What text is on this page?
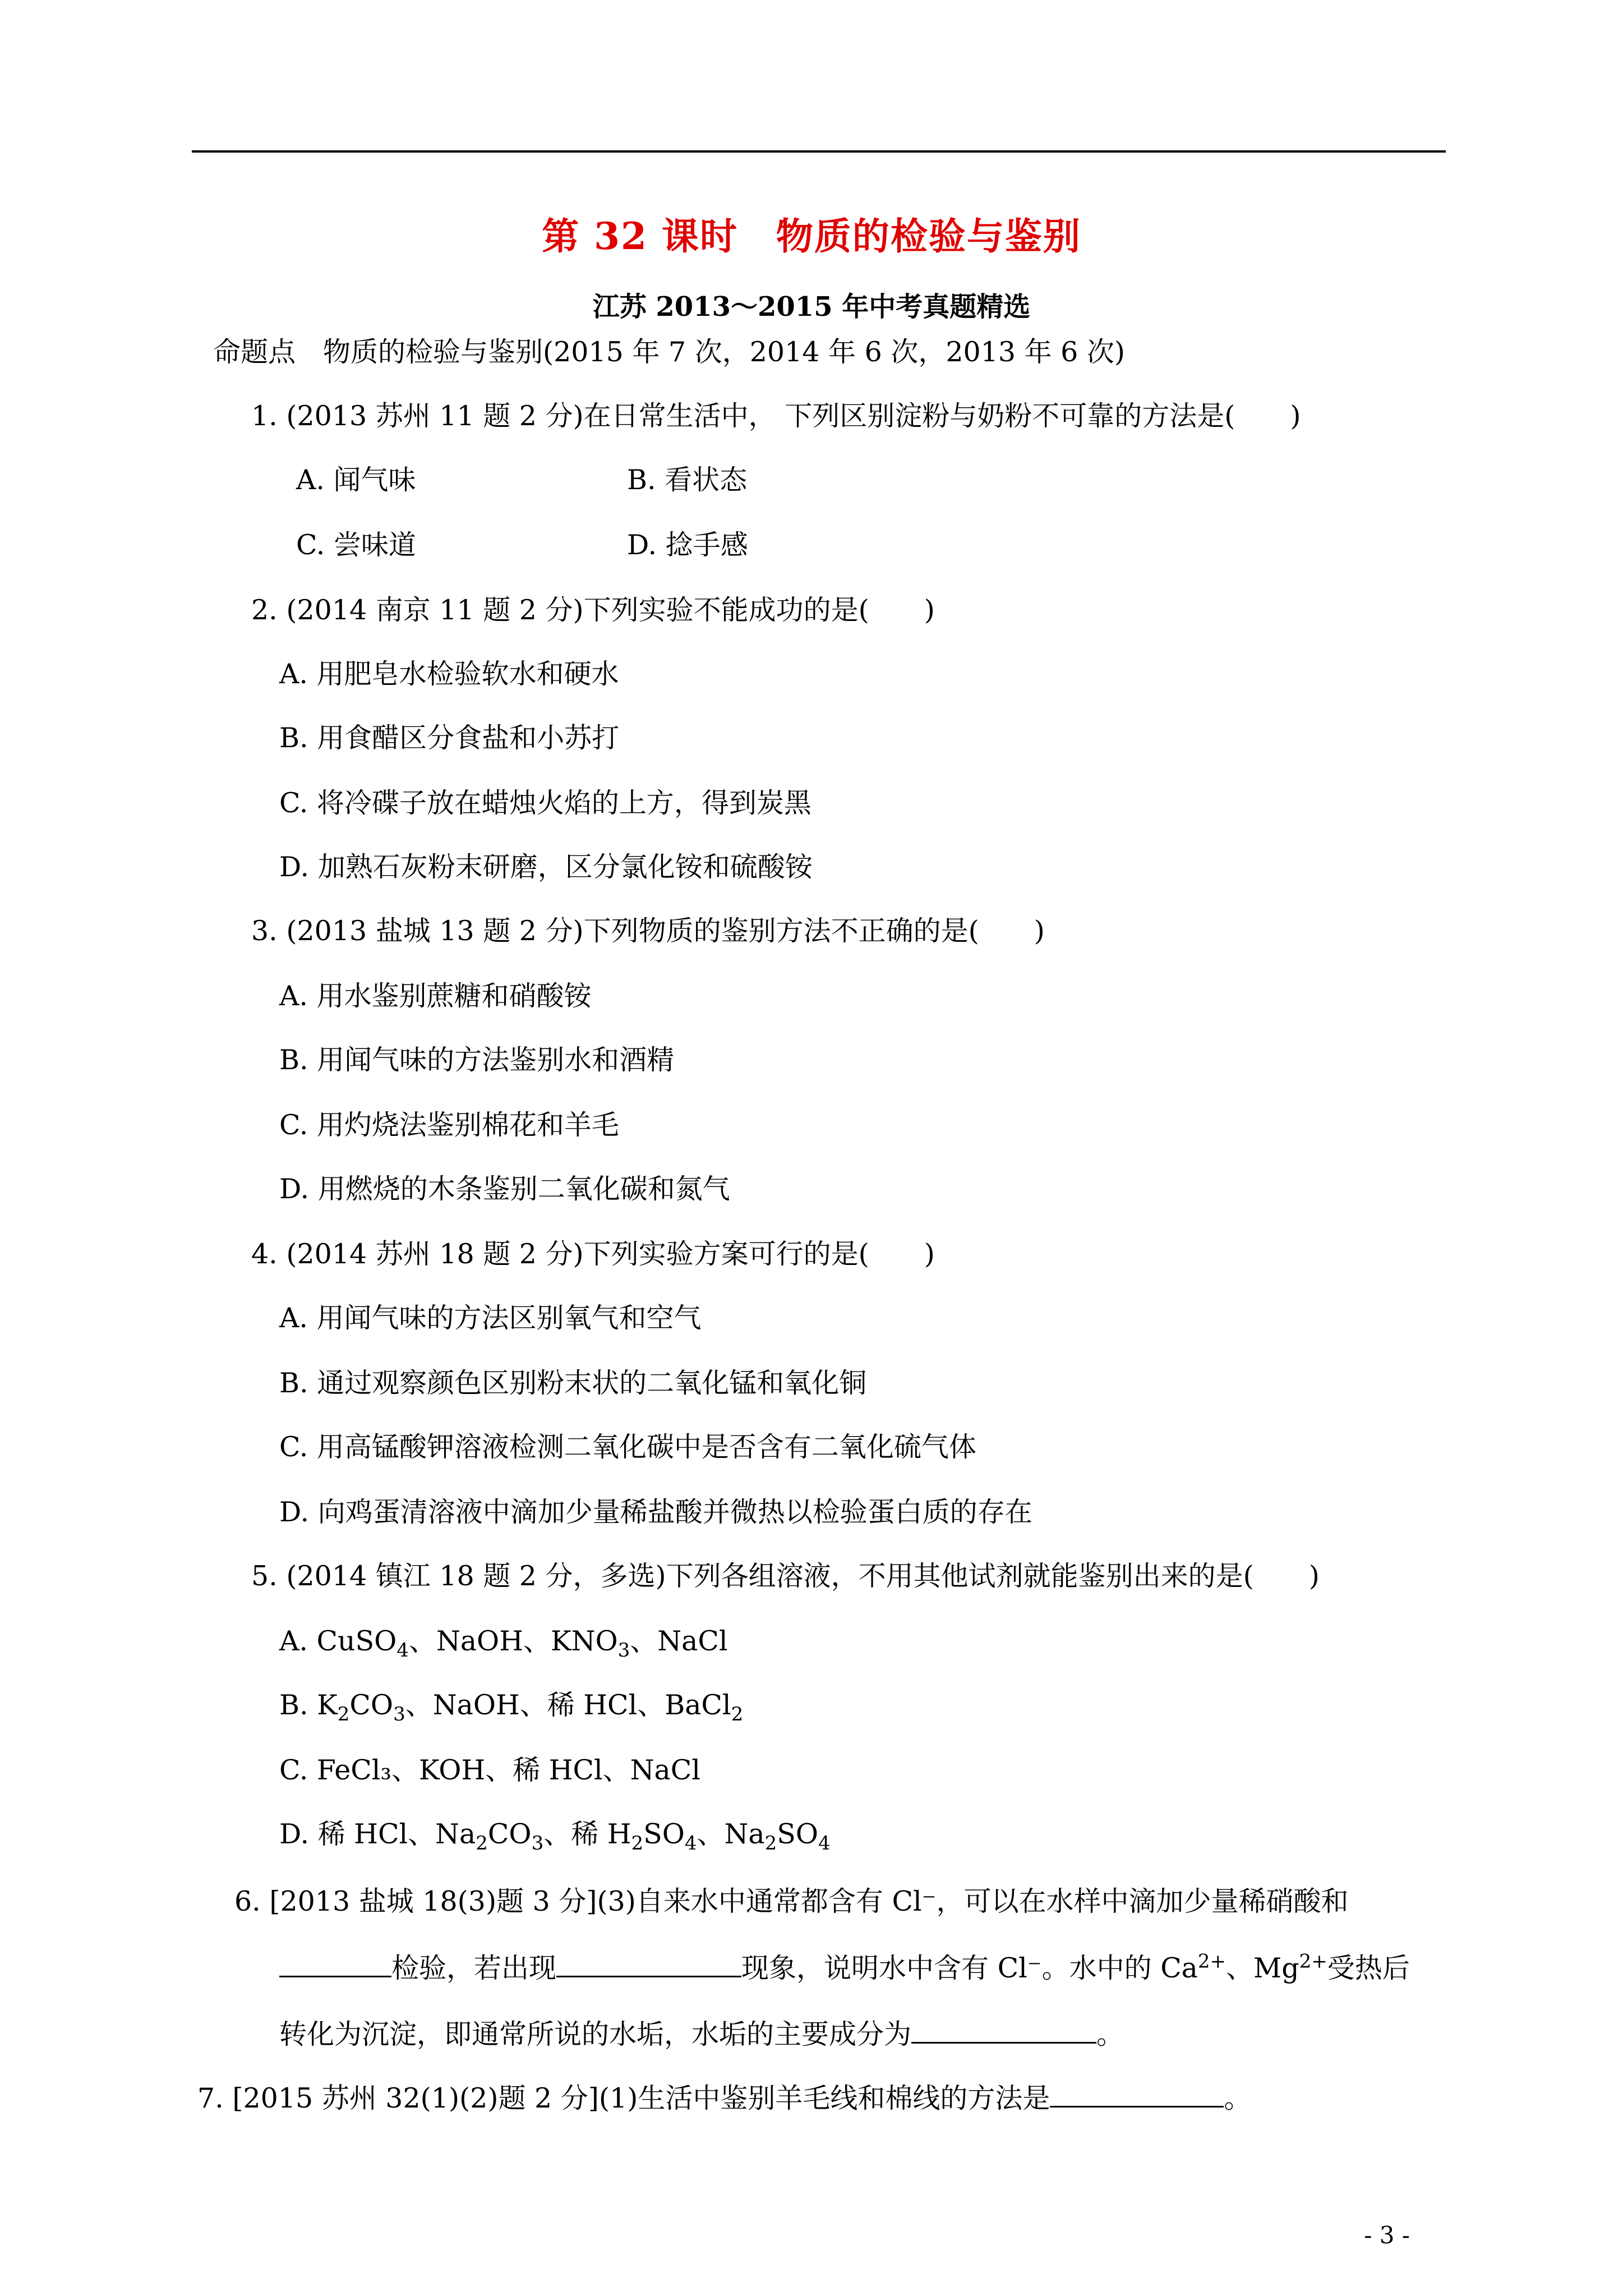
第 32 课时　物质的检验与鉴别
江苏 2013～2015 年中考真题精选
命题点　物质的检验与鉴别(2015 年 7 次，2014 年 6 次，2013 年 6 次)
1. (2013 苏州 11 题 2 分)在日常生活中， 下列区别淀粉与奶粉不可靠的方法是(　　)
A. 闻气味	B. 看状态
C. 尝味道	D. 捻手感
2. (2014 南京 11 题 2 分)下列实验不能成功的是(　　)
A. 用肥皂水检验软水和硬水
B. 用食醋区分食盐和小苏打
C. 将冷碟子放在蜡烛火焰的上方，得到炭黑
D. 加熟石灰粉末研磨，区分氯化铵和硫酸铵
3. (2013 盐城 13 题 2 分)下列物质的鉴别方法不正确的是(　　)
A. 用水鉴别蔗糖和硝酸铵
B. 用闻气味的方法鉴别水和酒精
C. 用灼烧法鉴别棉花和羊毛
D. 用燃烧的木条鉴别二氧化碳和氮气
4. (2014 苏州 18 题 2 分)下列实验方案可行的是(　　)
A. 用闻气味的方法区别氧气和空气
B. 通过观察颜色区别粉末状的二氧化锰和氧化铜
C. 用高锰酸钾溶液检测二氧化碳中是否含有二氧化硫气体
D. 向鸡蛋清溶液中滴加少量稀盐酸并微热以检验蛋白质的存在
5. (2014 镇江 18 题 2 分，多选)下列各组溶液，不用其他试剂就能鉴别出来的是(　　)
A. CuSO$_4$、NaOH、$KNO_3$、NaCl
B. $K_2CO_3$、NaOH、稀 HCl、BaCl$_2$
C. FeCl₃、KOH、稀 HCl、NaCl
D. 稀 HCl、$Na_2CO_3$、稀 $H_2SO_4$、$Na_2SO_4$
6. [2013 盐城 18(3)题 3 分](3)自来水中通常都含有 Cl⁻，可以在水样中滴加少量稀硝酸和
检验，若出现	现象，说明水中含有 Cl⁻。水中的 $Ca^{2+}$、$Mg^{2+}$受热后
转化为沉淀，即通常所说的水垢，水垢的主要成分为	。
7. [2015 苏州 32(1)(2)题 2 分](1)生活中鉴别羊毛线和棉线的方法是	。
- 3 -
